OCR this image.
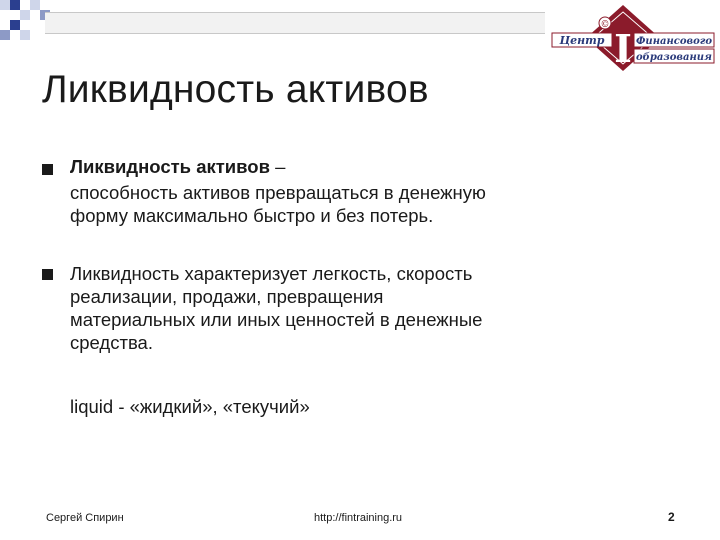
©
Центр	Финансового
образования
I
Ликвидность активов
Ликвидность активов –
способность активов превращаться в денежную
форму максимально быстро и без потерь.
Ликвидность характеризует легкость, скорость
реализации, продажи, превращения
материальных или иных ценностей в денежные
средства.
liquid - «жидкий», «текучий»
Сергей Спирин	http://fintraining.ru	2
